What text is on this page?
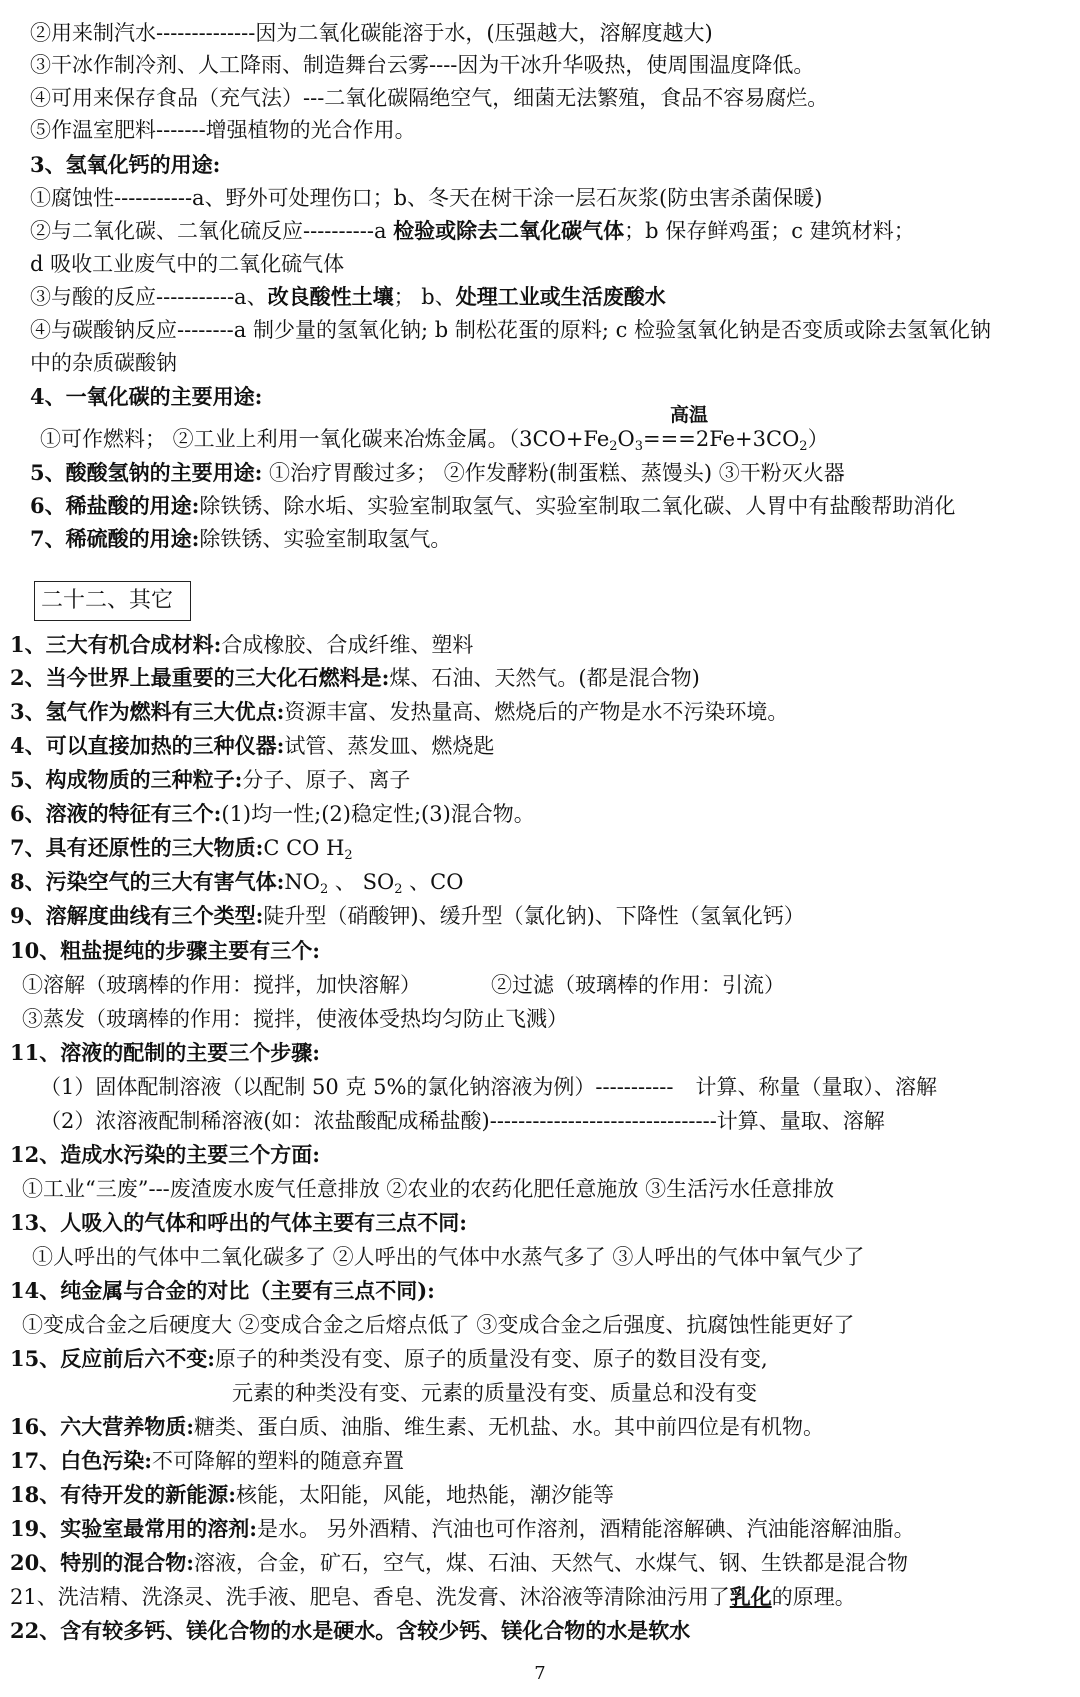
②用来制汽水--------------因为二氧化碳能溶于水，(压强越大，溶解度越大)
③干冰作制冷剂、人工降雨、制造舞台云雾----因为干冰升华吸热，使周围温度降低。
④可用来保存食品（充气法）---二氧化碳隔绝空气，细菌无法繁殖，食品不容易腐烂。
⑤作温室肥料-------增强植物的光合作用。
3、氢氧化钙的用途:
①腐蚀性-----------a、野外可处理伤口；b、冬天在树干涂一层石灰浆(防虫害杀菌保暖)
②与二氧化碳、二氧化硫反应----------a 检验或除去二氧化碳气体；b 保存鲜鸡蛋；c 建筑材料；
d 吸收工业废气中的二氧化硫气体
③与酸的反应-----------a、改良酸性土壤； b、处理工业或生活废酸水
④与碳酸钠反应--------a 制少量的氢氧化钠; b 制松花蛋的原料; c 检验氢氧化钠是否变质或除去氢氧化钠
中的杂质碳酸钠
4、一氧化碳的主要用途:
高温
①可作燃料； ②工业上利用一氧化碳来冶炼金属。$(3CO+Fe_2O_3===2Fe+3CO_2)$
5、酸酸氢钠的主要用途: ①治疗胃酸过多； ②作发酵粉(制蛋糕、蒸馒头) ③干粉灭火器
6、稀盐酸的用途:除铁锈、除水垢、实验室制取氢气、实验室制取二氧化碳、人胃中有盐酸帮助消化
7、稀硫酸的用途:除铁锈、实验室制取氢气。
二十二、其它
1、三大有机合成材料:合成橡胶、合成纤维、塑料
2、当今世界上最重要的三大化石燃料是:煤、石油、天然气。(都是混合物)
3、氢气作为燃料有三大优点:资源丰富、发热量高、燃烧后的产物是水不污染环境。
4、可以直接加热的三种仪器:试管、蒸发皿、燃烧匙
5、构成物质的三种粒子:分子、原子、离子
6、溶液的特征有三个:(1)均一性;(2)稳定性;(3)混合物。
7、具有还原性的三大物质:C CO $H_2$
8、污染空气的三大有害气体$:NO_2$ 、 $SO_2$ 、CO
9、溶解度曲线有三个类型:陡升型（硝酸钾)、缓升型（氯化钠)、下降性（氢氧化钙）
10、粗盐提纯的步骤主要有三个:
①溶解（玻璃棒的作用：搅拌，加快溶解）	②过滤（玻璃棒的作用：引流）
③蒸发（玻璃棒的作用：搅拌，使液体受热均匀防止飞溅）
11、溶液的配制的主要三个步骤:
（1）固体配制溶液（以配制 50 克 5%的氯化钠溶液为例）----------- 计算、称量（量取）、溶解
（2）浓溶液配制稀溶液(如：浓盐酸配成稀盐酸)--------------------------------计算、量取、溶解
12、造成水污染的主要三个方面:
①工业“三废”---废渣废水废气任意排放 ②农业的农药化肥任意施放 ③生活污水任意排放
13、人吸入的气体和呼出的气体主要有三点不同:
①人呼出的气体中二氧化碳多了 ②人呼出的气体中水蒸气多了 ③人呼出的气体中氧气少了
14、纯金属与合金的对比（主要有三点不同):
①变成合金之后硬度大 ②变成合金之后熔点低了 ③变成合金之后强度、抗腐蚀性能更好了
15、反应前后六不变:原子的种类没有变、原子的质量没有变、原子的数目没有变,
元素的种类没有变、元素的质量没有变、质量总和没有变
16、六大营养物质:糖类、蛋白质、油脂、维生素、无机盐、水。其中前四位是有机物。
17、白色污染:不可降解的塑料的随意弃置
18、有待开发的新能源:核能，太阳能，风能，地热能，潮汐能等
19、实验室最常用的溶剂:是水。 另外酒精、汽油也可作溶剂，酒精能溶解碘、汽油能溶解油脂。
20、特别的混合物:溶液，合金，矿石，空气，煤、石油、天然气、水煤气、钢、生铁都是混合物
21、洗洁精、洗涤灵、洗手液、肥皂、香皂、洗发膏、沐浴液等清除油污用了乳化的原理。
22、含有较多钙、镁化合物的水是硬水。含较少钙、镁化合物的水是软水
7
